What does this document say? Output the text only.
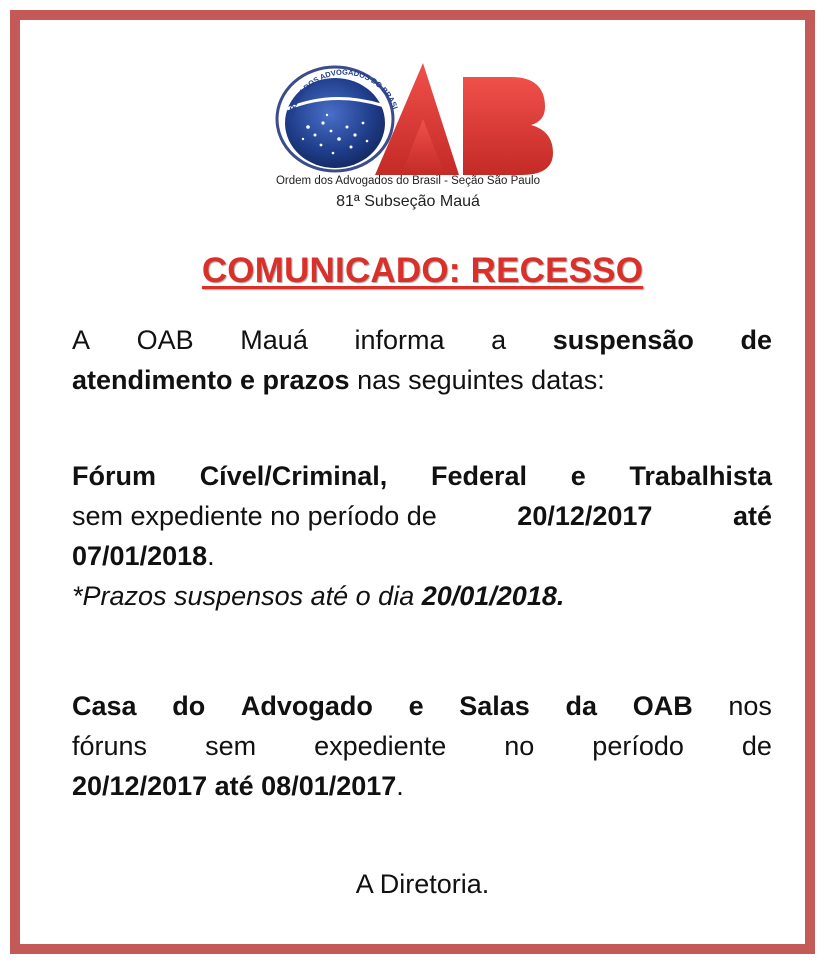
ORDEM DOS ADVOGADOS DO BRASI
Ordem dos Advogados do Brasil - Seção São Paulo
81ª Subseção Mauá
COMUNICADO: RECESSO
A OAB Mauá informa a suspensão de
atendimento e prazos nas seguintes datas:
Fórum Cível/Criminal, Federal e Trabalhista
sem expediente no período de	20/12/2017	até
07/01/2018.
*Prazos suspensos até o dia 20/01/2018.
Casa do Advogado e Salas da OAB nos
fóruns sem expediente no período de
20/12/2017 até 08/01/2017.
A Diretoria.
